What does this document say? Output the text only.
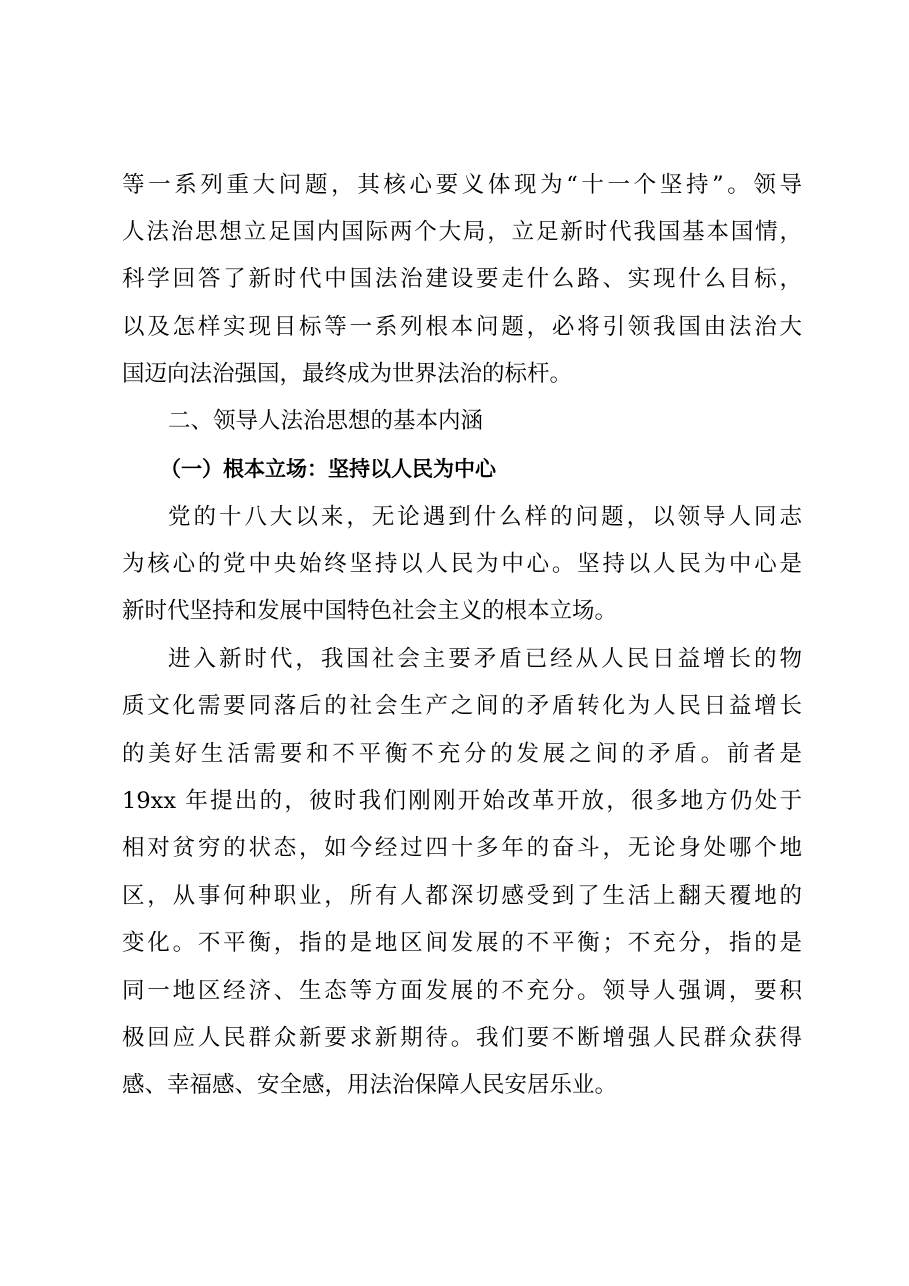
等一系列重大问题，其核心要义体现为“十一个坚持”。领导
人法治思想立足国内国际两个大局，立足新时代我国基本国情，
科学回答了新时代中国法治建设要走什么路、实现什么目标，
以及怎样实现目标等一系列根本问题，必将引领我国由法治大
国迈向法治强国，最终成为世界法治的标杆。
二、领导人法治思想的基本内涵
（一）根本立场：坚持以人民为中心
党的十八大以来，无论遇到什么样的问题，以领导人同志
为核心的党中央始终坚持以人民为中心。坚持以人民为中心是
新时代坚持和发展中国特色社会主义的根本立场。
进入新时代，我国社会主要矛盾已经从人民日益增长的物
质文化需要同落后的社会生产之间的矛盾转化为人民日益增长
的美好生活需要和不平衡不充分的发展之间的矛盾。前者是
19xx 年提出的，彼时我们刚刚开始改革开放，很多地方仍处于
相对贫穷的状态，如今经过四十多年的奋斗，无论身处哪个地
区，从事何种职业，所有人都深切感受到了生活上翻天覆地的
变化。不平衡，指的是地区间发展的不平衡；不充分，指的是
同一地区经济、生态等方面发展的不充分。领导人强调，要积
极回应人民群众新要求新期待。我们要不断增强人民群众获得
感、幸福感、安全感，用法治保障人民安居乐业。
